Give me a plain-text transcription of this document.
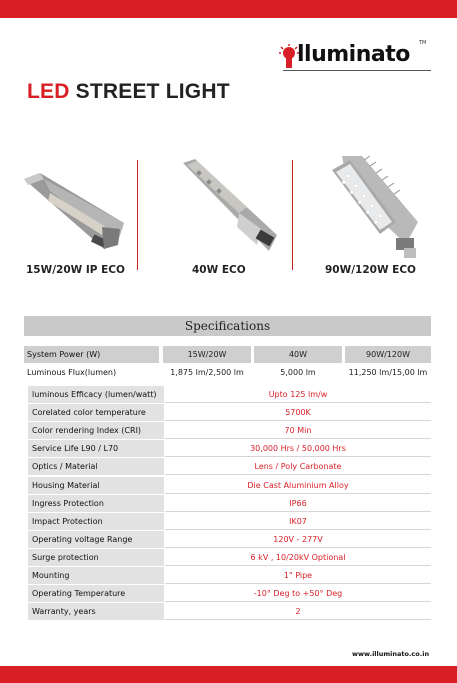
lluminato TM
LED STREET LIGHT
15W/20W IP ECO	40W ECO	90W/120W ECO
Specifications
System Power (W)	15W/20W	40W	90W/120W
Luminous Flux(lumen)	1,875 lm/2,500 lm	5,000 lm	11,250 lm/15,00 lm
luminous Efficacy (lumen/watt)	Upto 125 lm/w
Corelated color temperature	5700K
Color rendering Index (CRI)	70 Min
Service Life L90 / L70	30,000 Hrs / 50,000 Hrs
Optics / Material	Lens / Poly Carbonate
Housing Material	Die Cast Aluminium Alloy
Ingress Protection	IP66
Impact Protection	IK07
Operating voltage Range	120V - 277V
Surge protection	6 kV , 10/20kV Optional
Mounting	1" Pipe
Operating Temperature	-10° Deg to +50° Deg
Warranty, years	2
www.illuminato.co.in
